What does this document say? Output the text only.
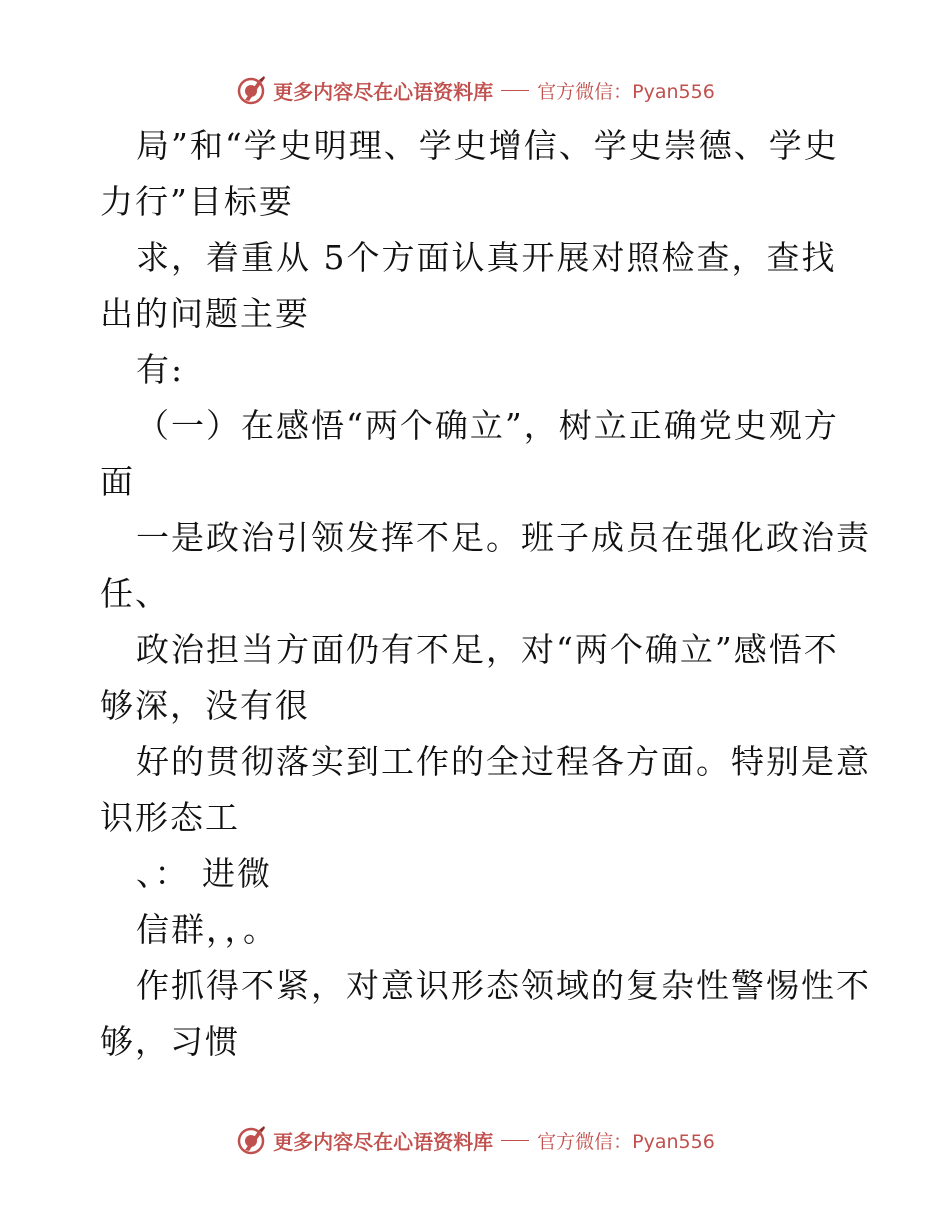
更多内容尽在心语资料库 官方微信：Pyan556
局”和“学史明理、学史增信、学史崇德、学史
力行”目标要
求，着重从 5个方面认真开展对照检查，查找
出的问题主要
有:
（一）在感悟“两个确立”，树立正确党史观方
面
一是政治引领发挥不足。班子成员在强化政治责
任、
政治担当方面仍有不足，对“两个确立”感悟不
够深，没有很
好的贯彻落实到工作的全过程各方面。特别是意
识形态工
、： 进微
信群，，。
作抓得不紧，对意识形态领域的复杂性警惕性不
够，习惯
更多内容尽在心语资料库 官方微信：Pyan556
